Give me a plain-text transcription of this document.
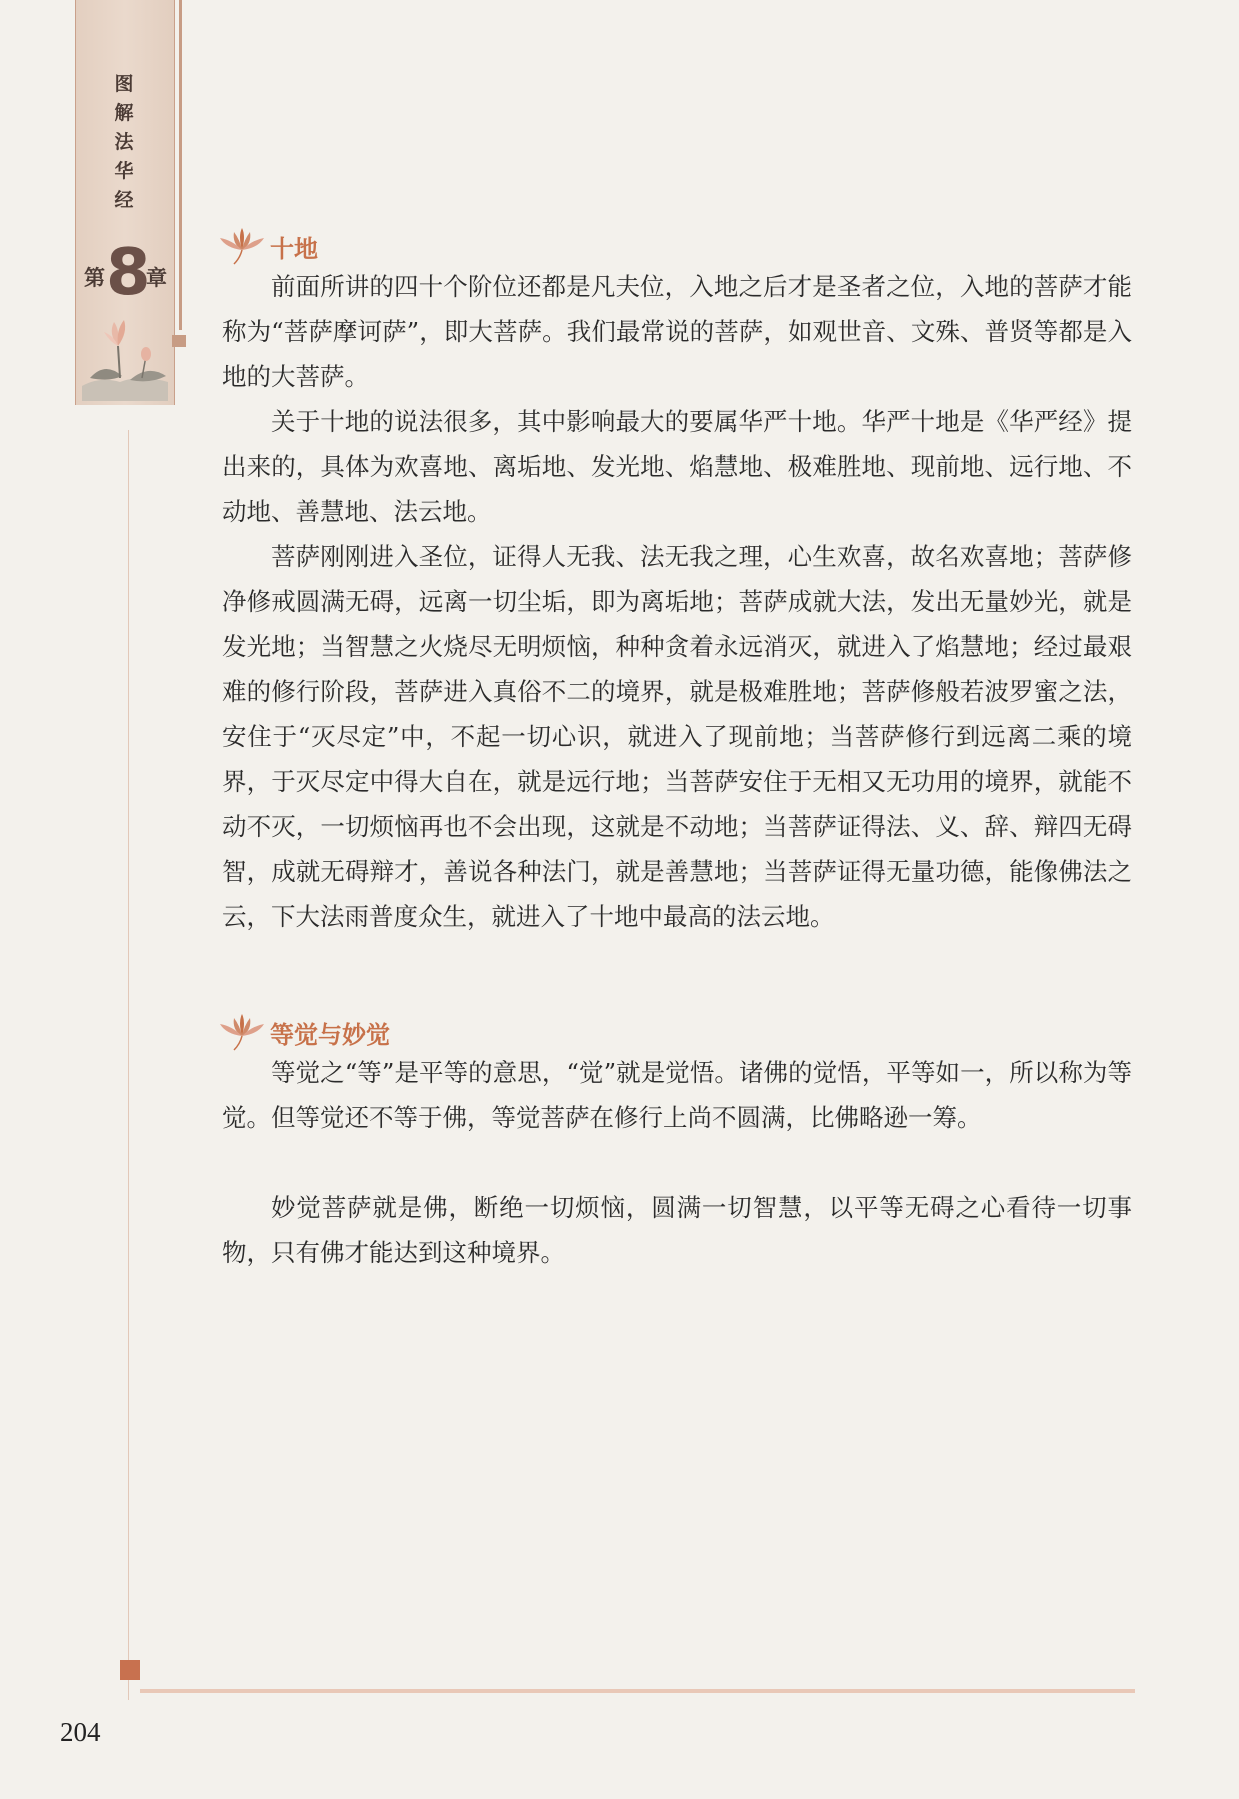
图
解
法
华
经
第 8
章
十地

前面所讲的四十个阶位还都是凡夫位，入地之后才是圣者之位，入地的菩萨才能称为“菩萨摩诃萨”，即大菩萨。我们最常说的菩萨，如观世音、文殊、普贤等都是入地的大菩萨。

关于十地的说法很多，其中影响最大的要属华严十地。华严十地是《华严经》提出来的，具体为欢喜地、离垢地、发光地、焰慧地、极难胜地、现前地、远行地、不动地、善慧地、法云地。

菩萨刚刚进入圣位，证得人无我、法无我之理，心生欢喜，故名欢喜地；菩萨修净修戒圆满无碍，远离一切尘垢，即为离垢地；菩萨成就大法，发出无量妙光，就是发光地；当智慧之火烧尽无明烦恼，种种贪着永远消灭，就进入了焰慧地；经过最艰难的修行阶段，菩萨进入真俗不二的境界，就是极难胜地；菩萨修般若波罗蜜之法，安住于“灭尽定”中，不起一切心识，就进入了现前地；当菩萨修行到远离二乘的境界，于灭尽定中得大自在，就是远行地；当菩萨安住于无相又无功用的境界，就能不动不灭，一切烦恼再也不会出现，这就是不动地；当菩萨证得法、义、辞、辩四无碍智，成就无碍辩才，善说各种法门，就是善慧地；当菩萨证得无量功德，能像佛法之云，下大法雨普度众生，就进入了十地中最高的法云地。

等觉与妙觉

等觉之“等”是平等的意思，“觉”就是觉悟。诸佛的觉悟，平等如一，所以称为等觉。但等觉还不等于佛，等觉菩萨在修行上尚不圆满，比佛略逊一筹。

妙觉菩萨就是佛，断绝一切烦恼，圆满一切智慧，以平等无碍之心看待一切事物，只有佛才能达到这种境界。

204
